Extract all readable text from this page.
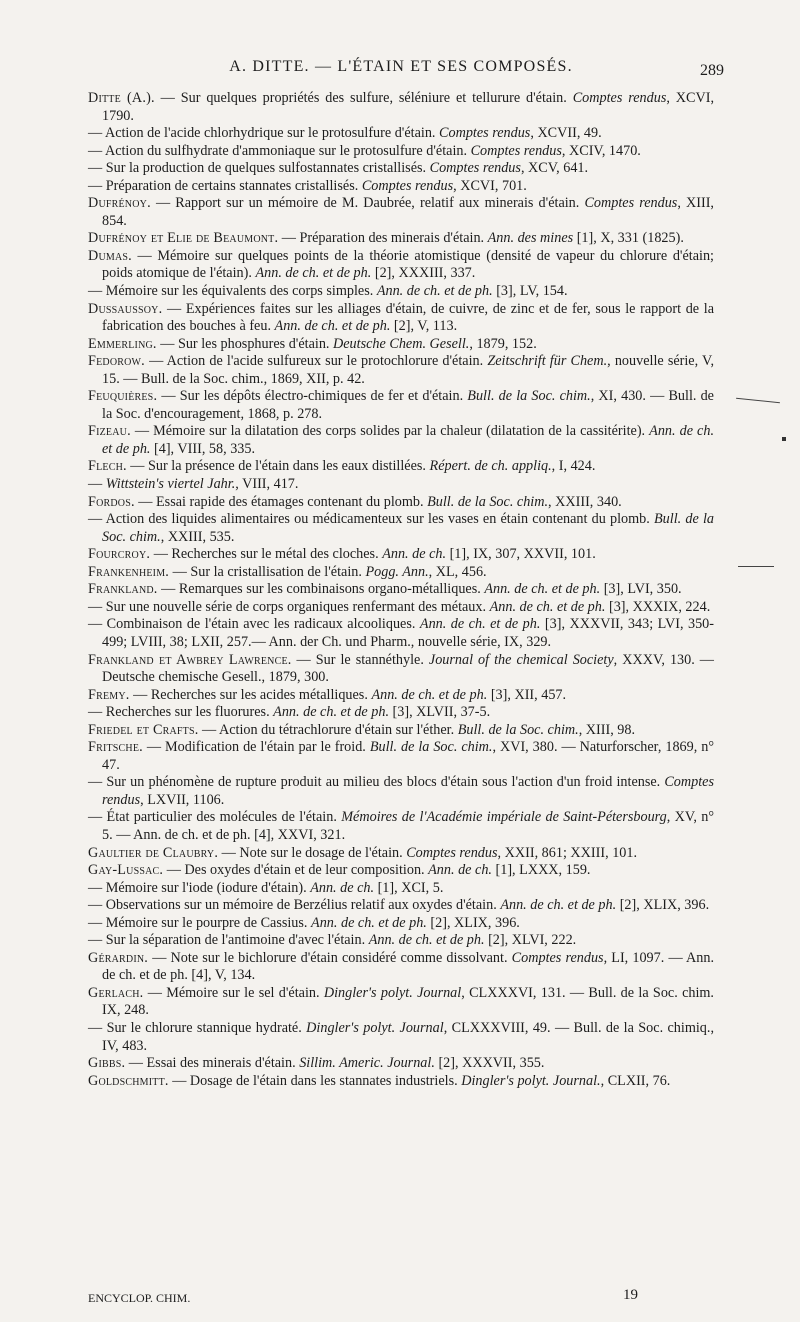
A. DITTE. — L'ÉTAIN ET SES COMPOSÉS.	289
Ditte (A.). — Sur quelques propriétés des sulfure, séléniure et tellurure d'étain. Comptes rendus, XCVI, 1790.
— Action de l'acide chlorhydrique sur le protosulfure d'étain. Comptes rendus, XCVII, 49.
— Action du sulfhydrate d'ammoniaque sur le protosulfure d'étain. Comptes rendus, XCIV, 1470.
— Sur la production de quelques sulfostannates cristallisés. Comptes rendus, XCV, 641.
— Préparation de certains stannates cristallisés. Comptes rendus, XCVI, 701.
Dufrénoy. — Rapport sur un mémoire de M. Daubrée, relatif aux minerais d'étain. Comptes rendus, XIII, 854.
Dufrénoy et Elie de Beaumont. — Préparation des minerais d'étain. Ann. des mines [1], X, 331 (1825).
Dumas. — Mémoire sur quelques points de la théorie atomistique (densité de vapeur du chlorure d'étain; poids atomique de l'étain). Ann. de ch. et de ph. [2], XXXIII, 337.
— Mémoire sur les équivalents des corps simples. Ann. de ch. et de ph. [3], LV, 154.
Dussaussoy. — Expériences faites sur les alliages d'étain, de cuivre, de zinc et de fer, sous le rapport de la fabrication des bouches à feu. Ann. de ch. et de ph. [2], V, 113.
Emmerling. — Sur les phosphures d'étain. Deutsche Chem. Gesell., 1879, 152.
Fedorow. — Action de l'acide sulfureux sur le protochlorure d'étain. Zeitschrift für Chem., nouvelle série, V, 15. — Bull. de la Soc. chim., 1869, XII, p. 42.
Feuquières. — Sur les dépôts électro-chimiques de fer et d'étain. Bull. de la Soc. chim., XI, 430. — Bull. de la Soc. d'encouragement, 1868, p. 278.
Fizeau. — Mémoire sur la dilatation des corps solides par la chaleur (dilatation de la cassitérite). Ann. de ch. et de ph. [4], VIII, 58, 335.
Flech. — Sur la présence de l'étain dans les eaux distillées. Répert. de ch. appliq., I, 424.
— Wittstein's viertel Jahr., VIII, 417.
Fordos. — Essai rapide des étamages contenant du plomb. Bull. de la Soc. chim., XXIII, 340.
— Action des liquides alimentaires ou médicamenteux sur les vases en étain contenant du plomb. Bull. de la Soc. chim., XXIII, 535.
Fourcroy. — Recherches sur le métal des cloches. Ann. de ch. [1], IX, 307, XXVII, 101.
Frankenheim. — Sur la cristallisation de l'étain. Pogg. Ann., XL, 456.
Frankland. — Remarques sur les combinaisons organo-métalliques. Ann. de ch. et de ph. [3], LVI, 350.
— Sur une nouvelle série de corps organiques renfermant des métaux. Ann. de ch. et de ph. [3], XXXIX, 224.
— Combinaison de l'étain avec les radicaux alcooliques. Ann. de ch. et de ph. [3], XXXVII, 343; LVI, 350-499; LVIII, 38; LXII, 257.— Ann. der Ch. und Pharm., nouvelle série, IX, 329.
Frankland et Awbrey Lawrence. — Sur le stannéthyle. Journal of the chemical Society, XXXV, 130. — Deutsche chemische Gesell., 1879, 300.
Fremy. — Recherches sur les acides métalliques. Ann. de ch. et de ph. [3], XII, 457.
— Recherches sur les fluorures. Ann. de ch. et de ph. [3], XLVII, 37-5.
Friedel et Crafts. — Action du tétrachlorure d'étain sur l'éther. Bull. de la Soc. chim., XIII, 98.
Fritsche. — Modification de l'étain par le froid. Bull. de la Soc. chim., XVI, 380. — Naturforscher, 1869, n° 47.
— Sur un phénomène de rupture produit au milieu des blocs d'étain sous l'action d'un froid intense. Comptes rendus, LXVII, 1106.
— État particulier des molécules de l'étain. Mémoires de l'Académie impériale de Saint-Pétersbourg, XV, n° 5. — Ann. de ch. et de ph. [4], XXVI, 321.
Gaultier de Claubry. — Note sur le dosage de l'étain. Comptes rendus, XXII, 861; XXIII, 101.
Gay-Lussac. — Des oxydes d'étain et de leur composition. Ann. de ch. [1], LXXX, 159.
— Mémoire sur l'iode (iodure d'étain). Ann. de ch. [1], XCI, 5.
— Observations sur un mémoire de Berzélius relatif aux oxydes d'étain. Ann. de ch. et de ph. [2], XLIX, 396.
— Mémoire sur le pourpre de Cassius. Ann. de ch. et de ph. [2], XLIX, 396.
— Sur la séparation de l'antimoine d'avec l'étain. Ann. de ch. et de ph. [2], XLVI, 222.
Gérardin. — Note sur le bichlorure d'étain considéré comme dissolvant. Comptes rendus, LI, 1097. — Ann. de ch. et de ph. [4], V, 134.
Gerlach. — Mémoire sur le sel d'étain. Dingler's polyt. Journal, CLXXXVI, 131. — Bull. de la Soc. chim. IX, 248.
— Sur le chlorure stannique hydraté. Dingler's polyt. Journal, CLXXXVIII, 49. — Bull. de la Soc. chimiq., IV, 483.
Gibbs. — Essai des minerais d'étain. Sillim. Americ. Journal. [2], XXXVII, 355.
Goldschmitt. — Dosage de l'étain dans les stannates industriels. Dingler's polyt. Journal., CLXII, 76.
ENCYCLOP. CHIM.	19
